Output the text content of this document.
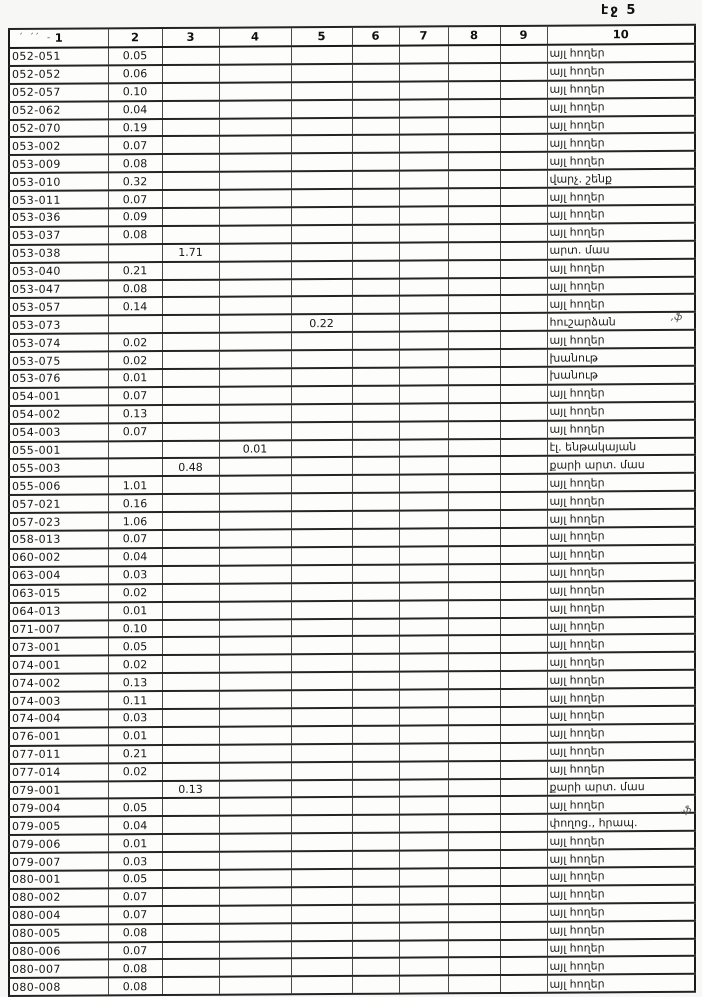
էջ 5
1	2	3	4	5	6	7	8	9	10
052-051	0.05								այլ հողեր
052-052	0.06								այլ հողեր
052-057	0.10								այլ հողեր
052-062	0.04								այլ հողեր
052-070	0.19								այլ հողեր
053-002	0.07								այլ հողեր
053-009	0.08								այլ հողեր
053-010	0.32								վարչ. շենք
053-011	0.07								այլ հողեր
053-036	0.09								այլ հողեր
053-037	0.08								այլ հողեր
053-038		1.71							արտ. մաս
053-040	0.21								այլ հողեր
053-047	0.08								այլ հողեր
053-057	0.14								այլ հողեր
053-073				0.22					հուշարձան
053-074	0.02								այլ հողեր
053-075	0.02								խանութ
053-076	0.01								խանութ
054-001	0.07								այլ հողեր
054-002	0.13								այլ հողեր
054-003	0.07								այլ հողեր
055-001			0.01						էլ. ենթակայան
055-003		0.48							քարի արտ. մաս
055-006	1.01								այլ հողեր
057-021	0.16								այլ հողեր
057-023	1.06								այլ հողեր
058-013	0.07								այլ հողեր
060-002	0.04								այլ հողեր
063-004	0.03								այլ հողեր
063-015	0.02								այլ հողեր
064-013	0.01								այլ հողեր
071-007	0.10								այլ հողեր
073-001	0.05								այլ հողեր
074-001	0.02								այլ հողեր
074-002	0.13								այլ հողեր
074-003	0.11								այլ հողեր
074-004	0.03								այլ հողեր
076-001	0.01								այլ հողեր
077-011	0.21								այլ հողեր
077-014	0.02								այլ հողեր
079-001		0.13							քարի արտ. մաս
079-004	0.05								այլ հողեր
079-005	0.04								փողոց., հրապ.
079-006	0.01								այլ հողեր
079-007	0.03								այլ հողեր
080-001	0.05								այլ հողեր
080-002	0.07								այլ հողեր
080-004	0.07								այլ հողեր
080-005	0.08								այլ հողեր
080-006	0.07								այլ հողեր
080-007	0.08								այլ հողեր
080-008	0.08								այլ հողեր
՛ ՛՛ -
,ֆ
,ֆ
.
